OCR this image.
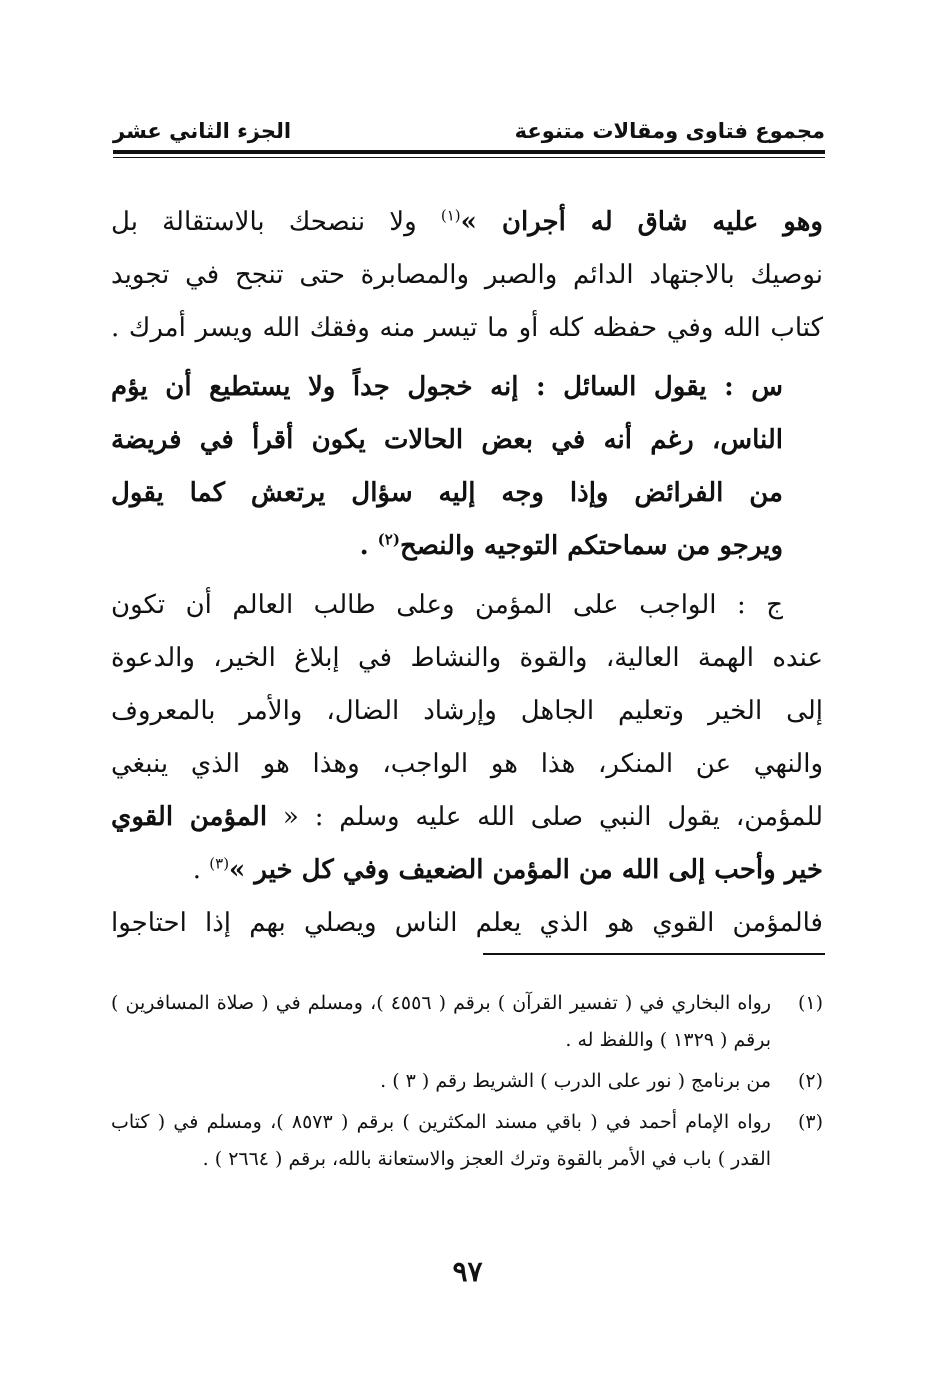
مجموع فتاوى ومقالات متنوعة
الجزء الثاني عشر
وهو عليه شاق له أجران »$^{(١)}$ ولا ننصحك بالاستقالة بل
نوصيك بالاجتهاد الدائم والصبر والمصابرة حتى تنجح في تجويد
كتاب الله وفي حفظه كله أو ما تيسر منه وفقك الله ويسر أمرك .
س : يقول السائل : إنه خجول جداً ولا يستطيع أن يؤم
الناس، رغم أنه في بعض الحالات يكون أقرأ في فريضة
من الفرائض وإذا وجه إليه سؤال يرتعش كما يقول
ويرجو من سماحتكم التوجيه والنصح$^{(٢)}$ .
ج : الواجب على المؤمن وعلى طالب العالم أن تكون
عنده الهمة العالية، والقوة والنشاط في إبلاغ الخير، والدعوة
إلى الخير وتعليم الجاهل وإرشاد الضال، والأمر بالمعروف
والنهي عن المنكر، هذا هو الواجب، وهذا هو الذي ينبغي
للمؤمن، يقول النبي صلى الله عليه وسلم : « المؤمن القوي
خير وأحب إلى الله من المؤمن الضعيف وفي كل خير »$^{(٣)}$ .
فالمؤمن القوي هو الذي يعلم الناس ويصلي بهم إذا احتاجوا
(١)
رواه البخاري في ( تفسير القرآن ) برقم ( ٤٥٥٦ )، ومسلم في ( صلاة المسافرين ) برقم ( ١٣٢٩ ) واللفظ له .
(٢)
من برنامج ( نور على الدرب ) الشريط رقم ( ٣ ) .
(٣)
رواه الإمام أحمد في ( باقي مسند المكثرين ) برقم ( ٨٥٧٣ )، ومسلم في ( كتاب القدر ) باب في الأمر بالقوة وترك العجز والاستعانة بالله، برقم ( ٢٦٦٤ ) .
٩٧
